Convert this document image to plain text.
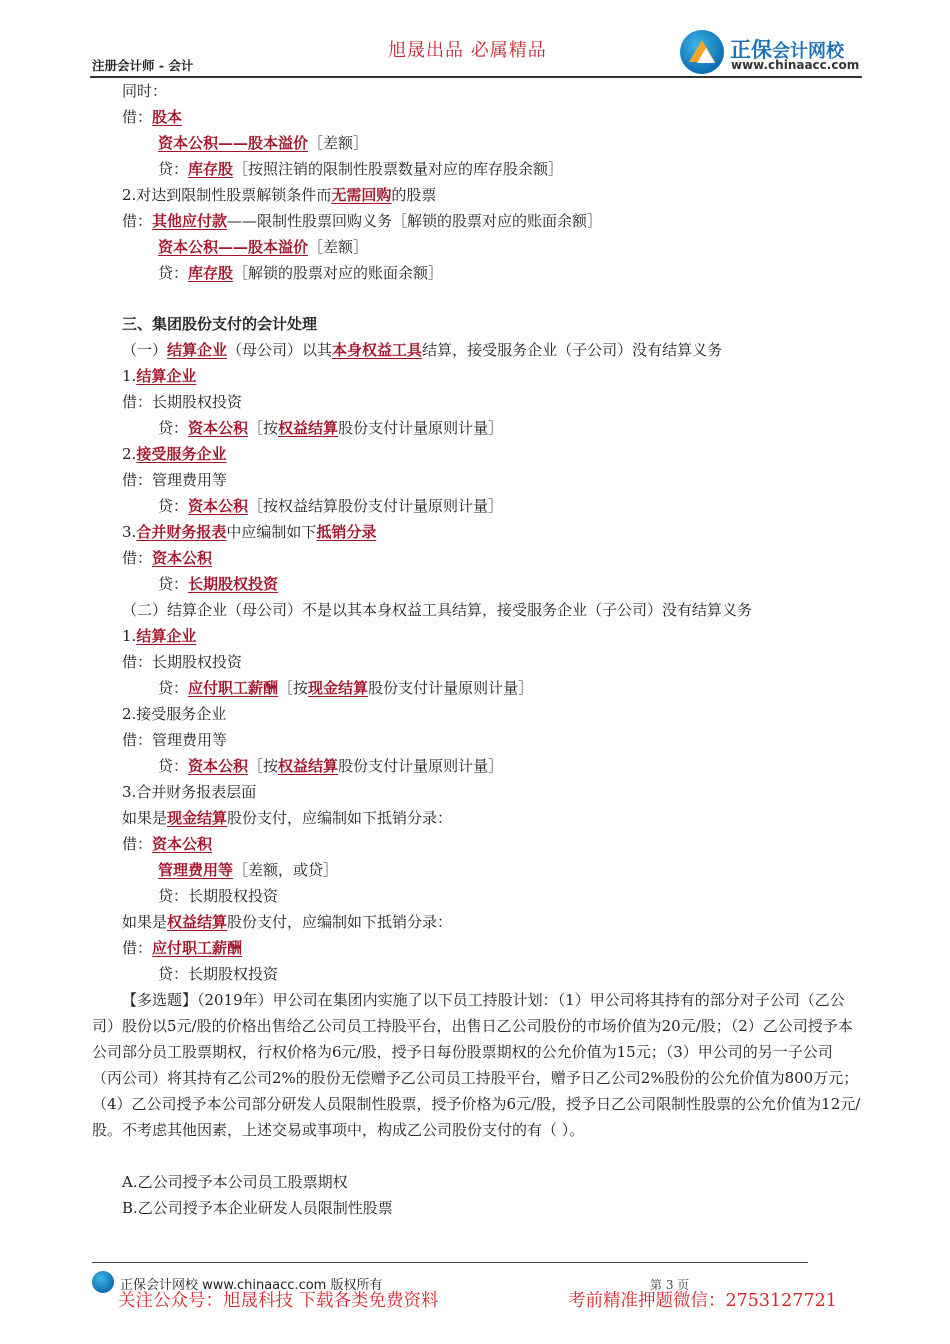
旭晟出品 必属精品
注册会计师 - 会计
正保会计网校
www.chinaacc.com
同时：
借：股本
资本公积——股本溢价［差额］
贷：库存股［按照注销的限制性股票数量对应的库存股余额］
2.对达到限制性股票解锁条件而无需回购的股票
借：其他应付款——限制性股票回购义务［解锁的股票对应的账面余额］
资本公积——股本溢价［差额］
贷：库存股［解锁的股票对应的账面余额］
三、集团股份支付的会计处理
（一）结算企业（母公司）以其本身权益工具结算，接受服务企业（子公司）没有结算义务
1.结算企业
借：长期股权投资
贷：资本公积［按权益结算股份支付计量原则计量］
2.接受服务企业
借：管理费用等
贷：资本公积［按权益结算股份支付计量原则计量］
3.合并财务报表中应编制如下抵销分录
借：资本公积
贷：长期股权投资
（二）结算企业（母公司）不是以其本身权益工具结算，接受服务企业（子公司）没有结算义务
1.结算企业
借：长期股权投资
贷：应付职工薪酬［按现金结算股份支付计量原则计量］
2.接受服务企业
借：管理费用等
贷：资本公积［按权益结算股份支付计量原则计量］
3.合并财务报表层面
如果是现金结算股份支付，应编制如下抵销分录：
借：资本公积
管理费用等［差额，或贷］
贷：长期股权投资
如果是权益结算股份支付，应编制如下抵销分录：
借：应付职工薪酬
贷：长期股权投资
【多选题】（2019年）甲公司在集团内实施了以下员工持股计划：（1）甲公司将其持有的部分对子公司（乙公司）股份以5元/股的价格出售给乙公司员工持股平台，出售日乙公司股份的市场价值为20元/股；（2）乙公司授予本公司部分员工股票期权，行权价格为6元/股，授予日每份股票期权的公允价值为15元；（3）甲公司的另一子公司（丙公司）将其持有乙公司2%的股份无偿赠予乙公司员工持股平台，赠予日乙公司2%股份的公允价值为800万元；（4）乙公司授予本公司部分研发人员限制性股票，授予价格为6元/股，授予日乙公司限制性股票的公允价值为12元/股。不考虑其他因素，上述交易或事项中，构成乙公司股份支付的有（ ）。
A.乙公司授予本公司员工股票期权
B.乙公司授予本企业研发人员限制性股票
正保会计网校 www.chinaacc.com 版权所有	第 3 页
关注公众号：旭晟科技 下载各类免费资料	考前精准押题微信：2753127721
